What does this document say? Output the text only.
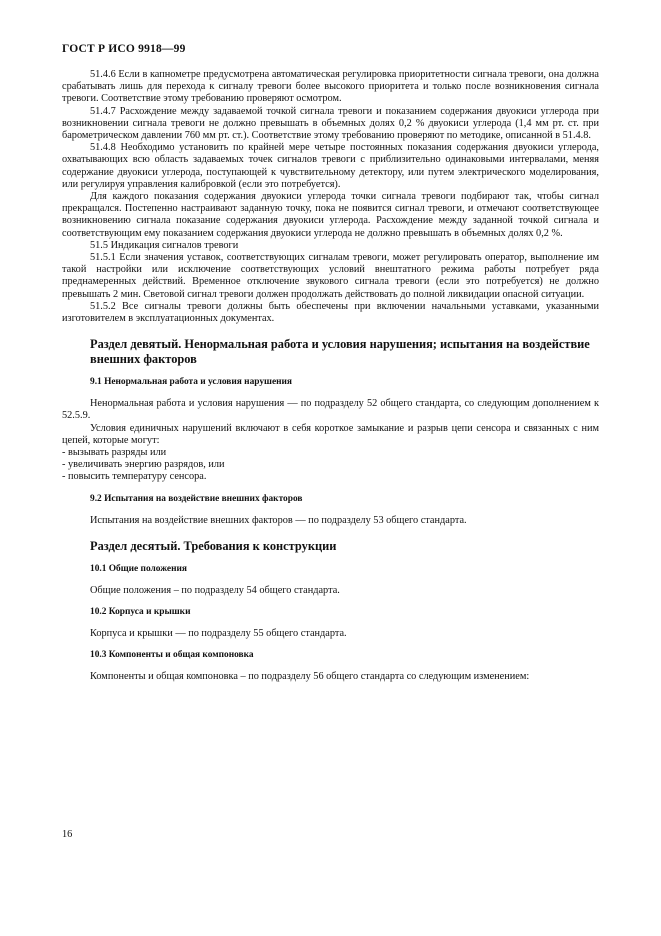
ГОСТ Р ИСО 9918—99

51.4.6 Если в капнометре предусмотрена автоматическая регулировка приоритетности сигнала тревоги, она должна срабатывать лишь для перехода к сигналу тревоги более высокого приоритета и только после возникновения сигнала тревоги. Соответствие этому требованию проверяют осмотром.

51.4.7 Расхождение между задаваемой точкой сигнала тревоги и показанием содержания двуокиси углерода при возникновении сигнала тревоги не должно превышать в объемных долях 0,2 % двуокиси углерода (1,4 мм рт. ст. при барометрическом давлении 760 мм рт. ст.). Соответствие этому требованию проверяют по методике, описанной в 51.4.8.

51.4.8 Необходимо установить по крайней мере четыре постоянных показания содержания двуокиси углерода, охватывающих всю область задаваемых точек сигналов тревоги с приблизительно одинаковыми интервалами, меняя содержание двуокиси углерода, поступающей к чувствительному детектору, или путем электрического моделирования, или регулируя управления калибровкой (если это потребуется).

Для каждого показания содержания двуокиси углерода точки сигнала тревоги подбирают так, чтобы сигнал прекращался. Постепенно настраивают заданную точку, пока не появится сигнал тревоги, и отмечают соответствующее возникновению сигнала показание содержания двуокиси углерода. Расхождение между заданной точкой сигнала и соответствующим ему показанием содержания двуокиси углерода не должно превышать в объемных долях 0,2 %.

51.5 Индикация сигналов тревоги

51.5.1 Если значения уставок, соответствующих сигналам тревоги, может регулировать оператор, выполнение им такой настройки или исключение соответствующих условий внештатного режима работы потребует ряда преднамеренных действий. Временное отключение звукового сигнала тревоги (если это потребуется) не должно превышать 2 мин. Световой сигнал тревоги должен продолжать действовать до полной ликвидации опасной ситуации.

51.5.2 Все сигналы тревоги должны быть обеспечены при включении начальными уставками, указанными изготовителем в эксплуатационных документах.

Раздел девятый. Ненормальная работа и условия нарушения; испытания на воздействие внешних факторов
9.1 Ненормальная работа и условия нарушения

Ненормальная работа и условия нарушения — по подразделу 52 общего стандарта, со следующим дополнением к 52.5.9.

Условия единичных нарушений включают в себя короткое замыкание и разрыв цепи сенсора и связанных с ним цепей, которые могут:

- вызывать разряды или

- увеличивать энергию разрядов, или

- повысить температуру сенсора.

9.2 Испытания на воздействие внешних факторов

Испытания на воздействие внешних факторов — по подразделу 53 общего стандарта.

Раздел десятый. Требования к конструкции
10.1 Общие положения

Общие положения – по подразделу 54 общего стандарта.

10.2 Корпуса и крышки

Корпуса и крышки — по подразделу 55 общего стандарта.

10.3 Компоненты и общая компоновка

Компоненты и общая компоновка – по подразделу 56 общего стандарта со следующим изменением:

16
